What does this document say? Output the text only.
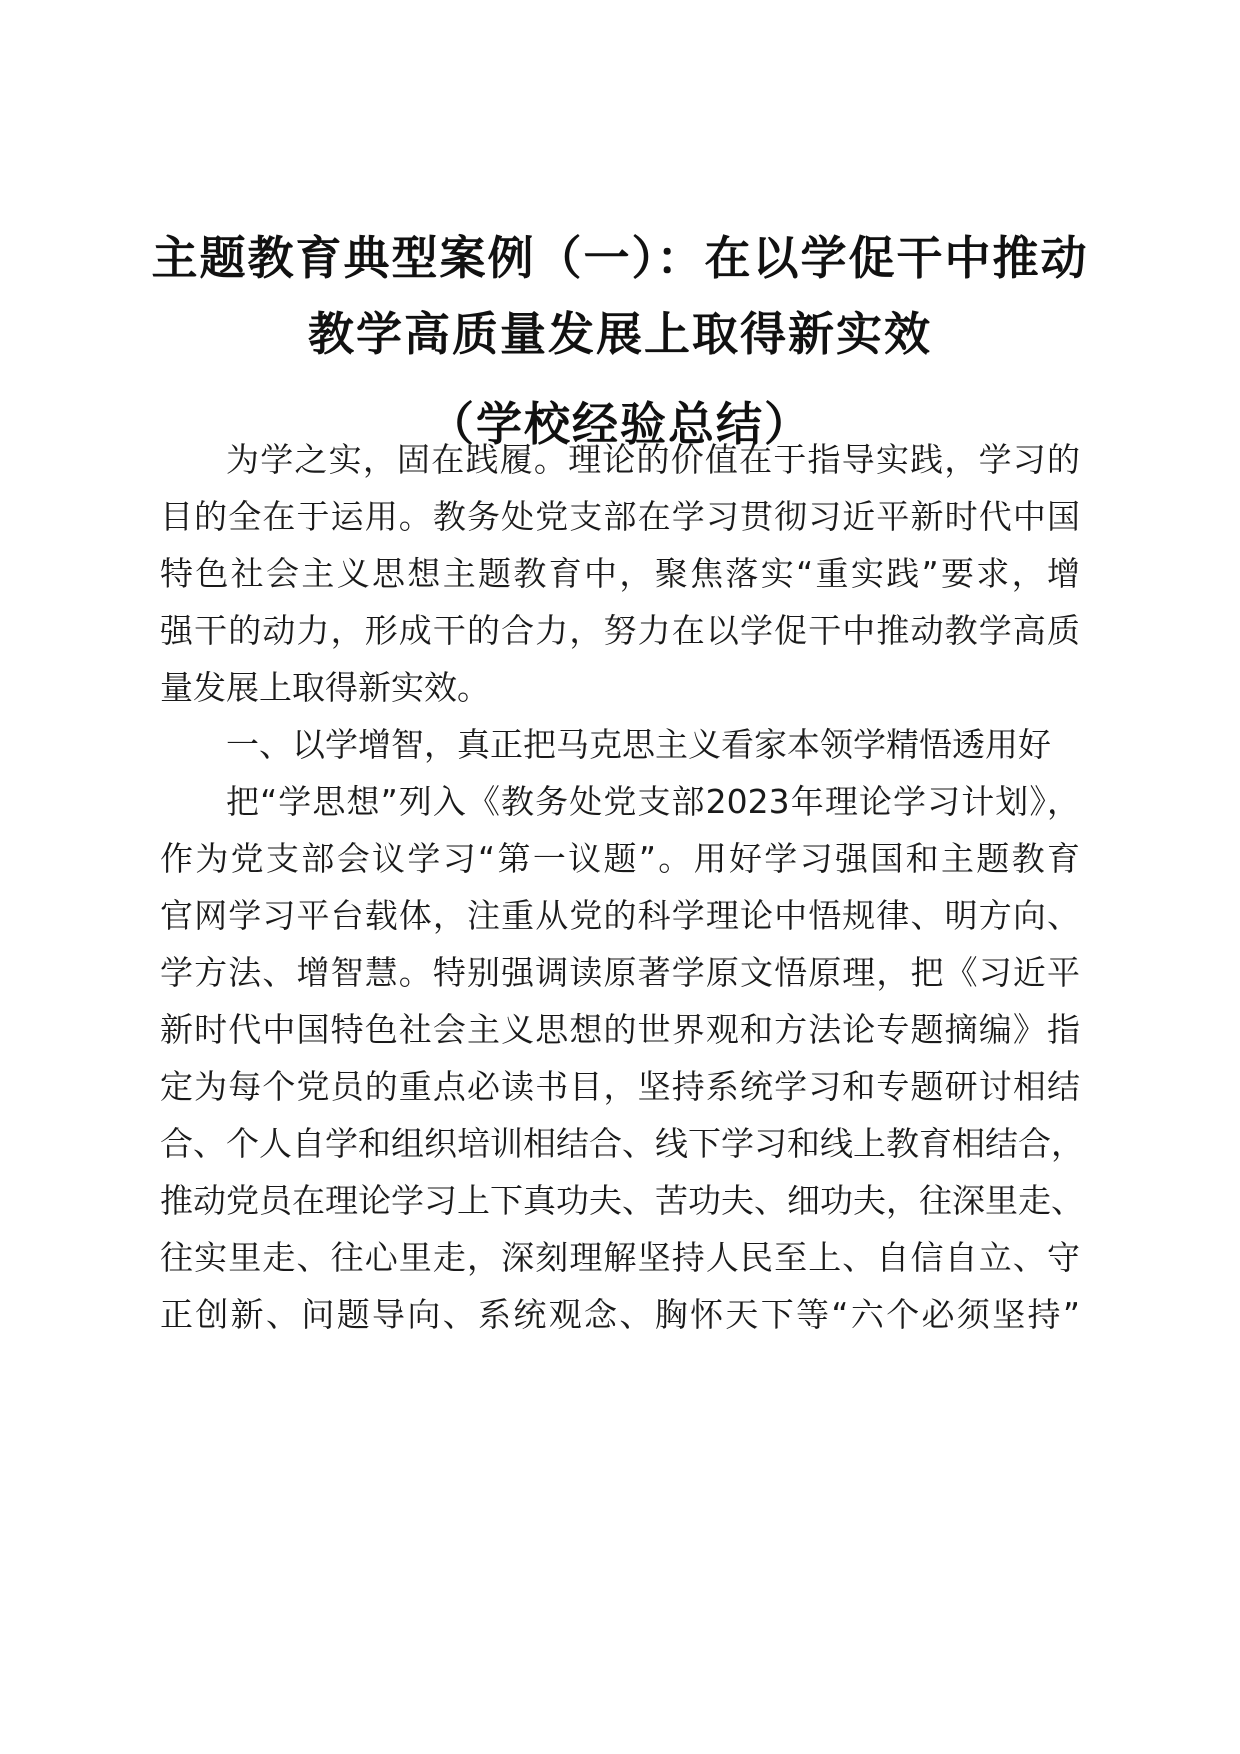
主题教育典型案例（一）：在以学促干中推动
教学高质量发展上取得新实效
（学校经验总结）

为学之实，固在践履。理论的价值在于指导实践，学习的

目的全在于运用。教务处党支部在学习贯彻习近平新时代中国

特色社会主义思想主题教育中，聚焦落实“重实践”要求，增

强干的动力，形成干的合力，努力在以学促干中推动教学高质

量发展上取得新实效。

一、以学增智，真正把马克思主义看家本领学精悟透用好

把“学思想”列入《教务处党支部2023年理论学习计划》，

作为党支部会议学习“第一议题”。用好学习强国和主题教育

官网学习平台载体，注重从党的科学理论中悟规律、明方向、

学方法、增智慧。特别强调读原著学原文悟原理，把《习近平

新时代中国特色社会主义思想的世界观和方法论专题摘编》指

定为每个党员的重点必读书目，坚持系统学习和专题研讨相结

合、个人自学和组织培训相结合、线下学习和线上教育相结合，

推动党员在理论学习上下真功夫、苦功夫、细功夫，往深里走、

往实里走、往心里走，深刻理解坚持人民至上、自信自立、守

正创新、问题导向、系统观念、胸怀天下等“六个必须坚持”
